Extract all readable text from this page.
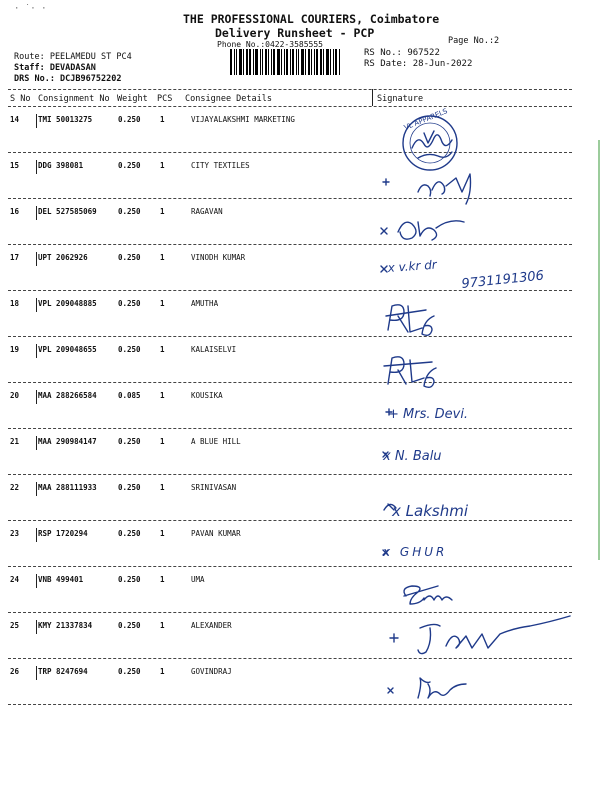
· ˙· ·
THE PROFESSIONAL COURIERS, Coimbatore
Delivery Runsheet - PCP
Phone No.:0422-3585555	Page No.:2
RS No.: 967522
RS Date: 28-Jun-2022
Route: PEELAMEDU ST PC4
Staff: DEVADASAN
DRS No.: DCJB96752202
S No Consignment No Weight PCS Consignee Details	Signature
14	TMI 50013275	0.250	1	VIJAYALAKSHMI MARKETING
15	DDG 398081	0.250	1	CITY TEXTILES
16	DEL 527585069	0.250	1	RAGAVAN
17	UPT 2062926	0.250	1	VINODH KUMAR
18	VPL 209048885	0.250	1	AMUTHA
19	VPL 209048655	0.250	1	KALAISELVI
20	MAA 288266584	0.085	1	KOUSIKA
21	MAA 290984147	0.250	1	A BLUE HILL
22	MAA 288111933	0.250	1	SRINIVASAN
23	RSP 1720294	0.250	1	PAVAN KUMAR
24	VNB 499401	0.250	1	UMA
25	KMY 21337834	0.250	1	ALEXANDER
26	TRP 8247694	0.250	1	GOVINDRAJ
VL APPARELS
x v.kr dr
9731191306
+ Mrs. Devi.
x N. Balu
x Lakshmi
x GHUR
